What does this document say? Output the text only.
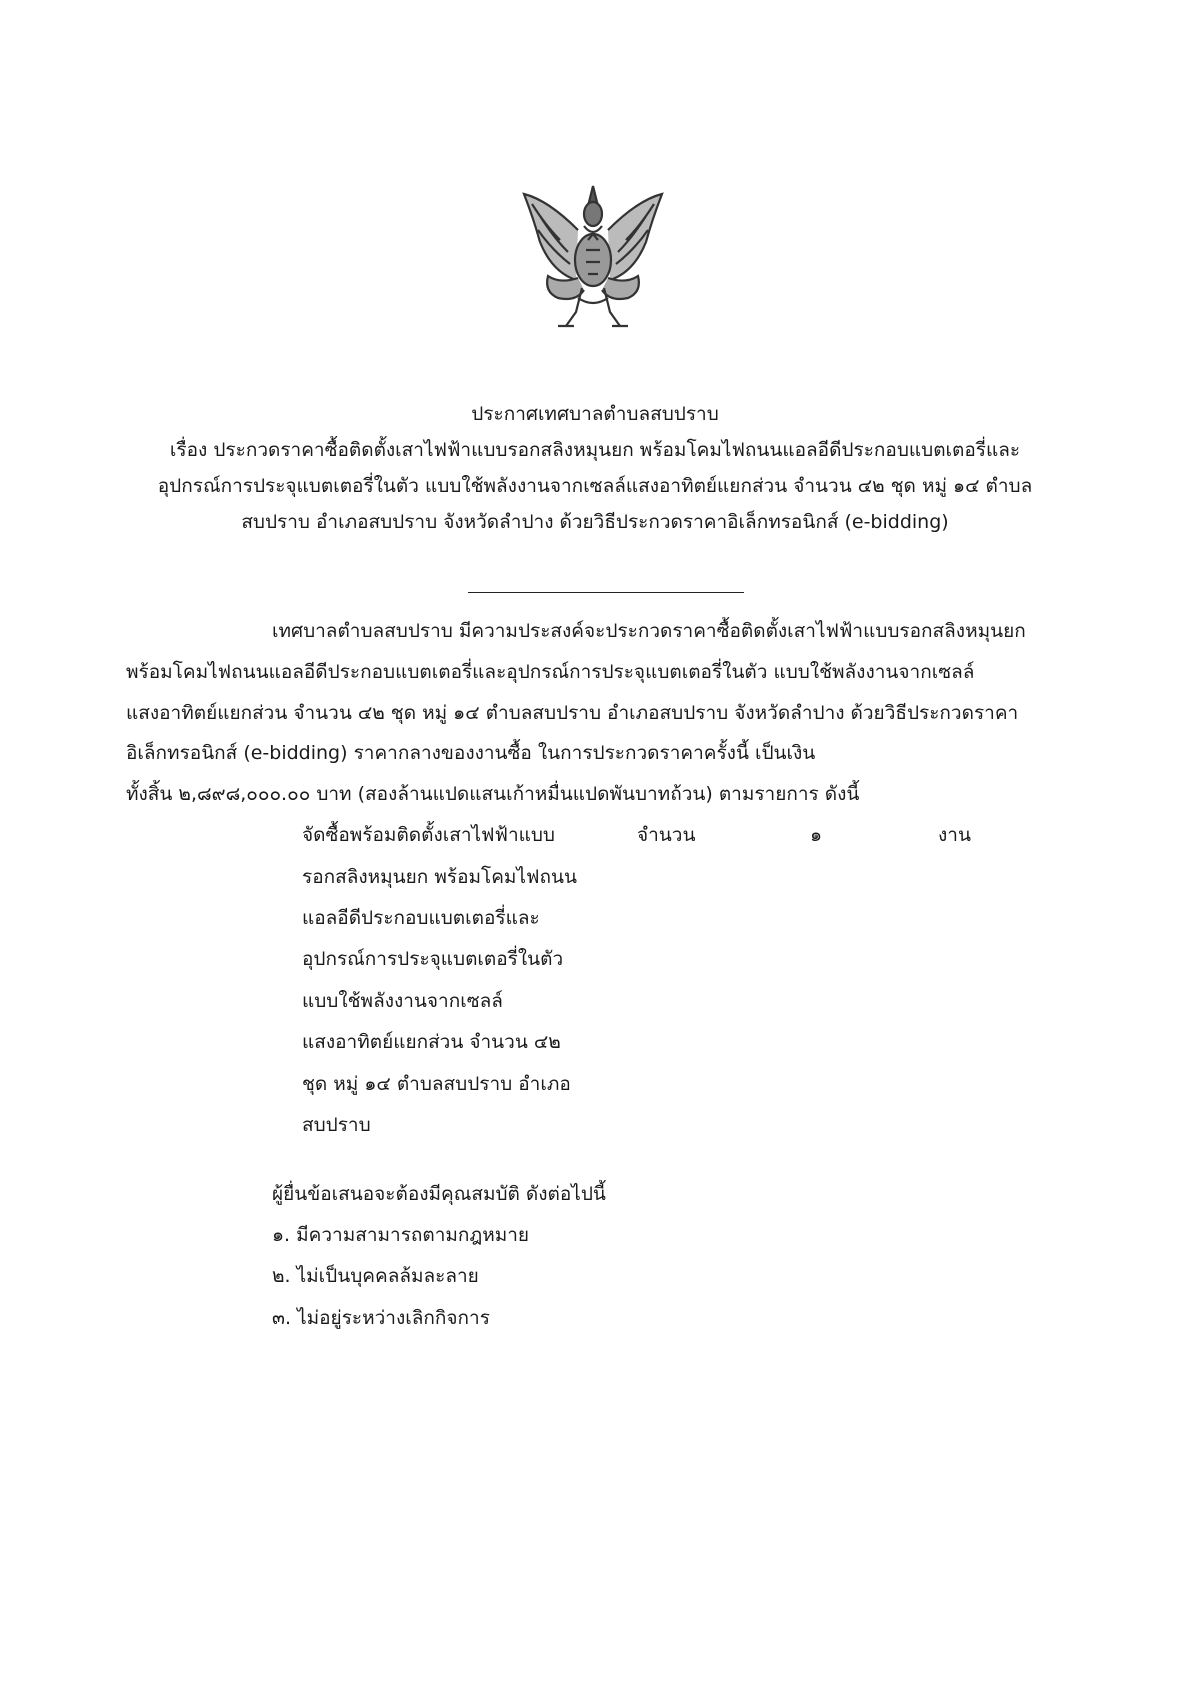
ประกาศเทศบาลตำบลสบปราบ
เรื่อง ประกวดราคาซื้อติดตั้งเสาไฟฟ้าแบบรอกสลิงหมุนยก พร้อมโคมไฟถนนแอลอีดีประกอบแบตเตอรี่และ
อุปกรณ์การประจุแบตเตอรี่ในตัว แบบใช้พลังงานจากเซลล์แสงอาทิตย์แยกส่วน จำนวน ๔๒ ชุด หมู่ ๑๔ ตำบล
สบปราบ อำเภอสบปราบ จังหวัดลำปาง ด้วยวิธีประกวดราคาอิเล็กทรอนิกส์ (e-bidding)
เทศบาลตำบลสบปราบ มีความประสงค์จะประกวดราคาซื้อติดตั้งเสาไฟฟ้าแบบรอกสลิงหมุนยก
พร้อมโคมไฟถนนแอลอีดีประกอบแบตเตอรี่และอุปกรณ์การประจุแบตเตอรี่ในตัว แบบใช้พลังงานจากเซลล์
แสงอาทิตย์แยกส่วน จำนวน ๔๒ ชุด หมู่ ๑๔ ตำบลสบปราบ อำเภอสบปราบ จังหวัดลำปาง ด้วยวิธีประกวดราคา
อิเล็กทรอนิกส์ (e-bidding) ราคากลางของงานซื้อ ในการประกวดราคาครั้งนี้ เป็นเงิน
ทั้งสิ้น ๒,๘๙๘,๐๐๐.๐๐ บาท (สองล้านแปดแสนเก้าหมื่นแปดพันบาทถ้วน) ตามรายการ ดังนี้
จัดซื้อพร้อมติดตั้งเสาไฟฟ้าแบบ
รอกสลิงหมุนยก พร้อมโคมไฟถนน
แอลอีดีประกอบแบตเตอรี่และ
อุปกรณ์การประจุแบตเตอรี่ในตัว
แบบใช้พลังงานจากเซลล์
แสงอาทิตย์แยกส่วน จำนวน ๔๒
ชุด หมู่ ๑๔ ตำบลสบปราบ อำเภอ
สบปราบ
จำนวน	๑	งาน
ผู้ยื่นข้อเสนอจะต้องมีคุณสมบัติ ดังต่อไปนี้
๑. มีความสามารถตามกฎหมาย
๒. ไม่เป็นบุคคลล้มละลาย
๓. ไม่อยู่ระหว่างเลิกกิจการ
